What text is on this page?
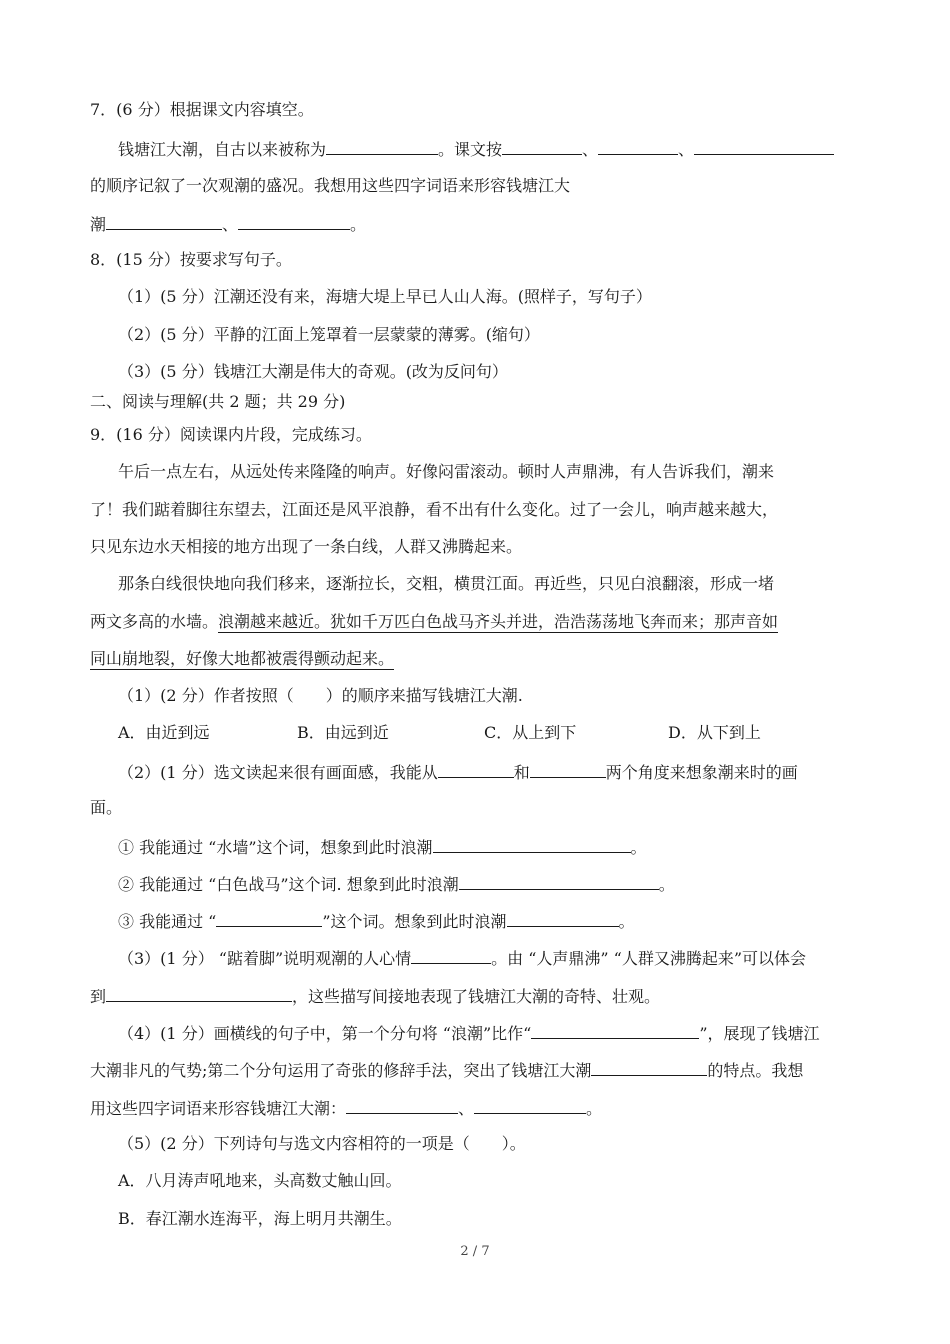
7．(6 分）根据课文内容填空。
钱塘江大潮，自古以来被称为	。课文按	、	、
的顺序记叙了一次观潮的盛况。我想用这些四字词语来形容钱塘江大
潮	、	。
8．(15 分）按要求写句子。
（1）(5 分）江潮还没有来，海塘大堤上早已人山人海。(照样子，写句子）
（2）(5 分）平静的江面上笼罩着一层蒙蒙的薄雾。(缩句）
（3）(5 分）钱塘江大潮是伟大的奇观。(改为反问句）
二、阅读与理解(共 2 题；共 29 分)
9．(16 分）阅读课内片段，完成练习。
午后一点左右，从远处传来隆隆的响声。好像闷雷滚动。顿时人声鼎沸，有人告诉我们，潮来
了！我们踮着脚往东望去，江面还是风平浪静，看不出有什么变化。过了一会儿，响声越来越大，
只见东边水天相接的地方出现了一条白线，人群又沸腾起来。
那条白线很快地向我们移来，逐渐拉长，交粗，横贯江面。再近些，只见白浪翻滚，形成一堵
两文多高的水墙。浪潮越来越近。犹如千万匹白色战马齐头并进，浩浩荡荡地飞奔而来；那声音如
同山崩地裂，好像大地都被震得颤动起来。
（1）(2 分）作者按照（　　）的顺序来描写钱塘江大潮.
A．由近到远	B．由远到近	C．从上到下	D．从下到上
（2）(1 分）选文读起来很有画面感，我能从	和	两个角度来想象潮来时的画
面。
① 我能通过 “水墙”这个词，想象到此时浪潮	。
② 我能通过 “白色战马”这个词. 想象到此时浪潮	。
③ 我能通过 “	”这个词。想象到此时浪潮	。
（3）(1 分） “踮着脚”说明观潮的人心情	。由 “人声鼎沸” “人群又沸腾起来”可以体会
到	，这些描写间接地表现了钱塘江大潮的奇特、壮观。
（4）(1 分）画横线的句子中，第一个分句将 “浪潮”比作“	”，展现了钱塘江
大潮非凡的气势;第二个分句运用了奇张的修辞手法，突出了钱塘江大潮	的特点。我想
用这些四字词语来形容钱塘江大潮：	、	。
（5）(2 分）下列诗句与选文内容相符的一项是（　　）。
A．八月涛声吼地来，头高数丈触山回。
B．春江潮水连海平，海上明月共潮生。
2 / 7
